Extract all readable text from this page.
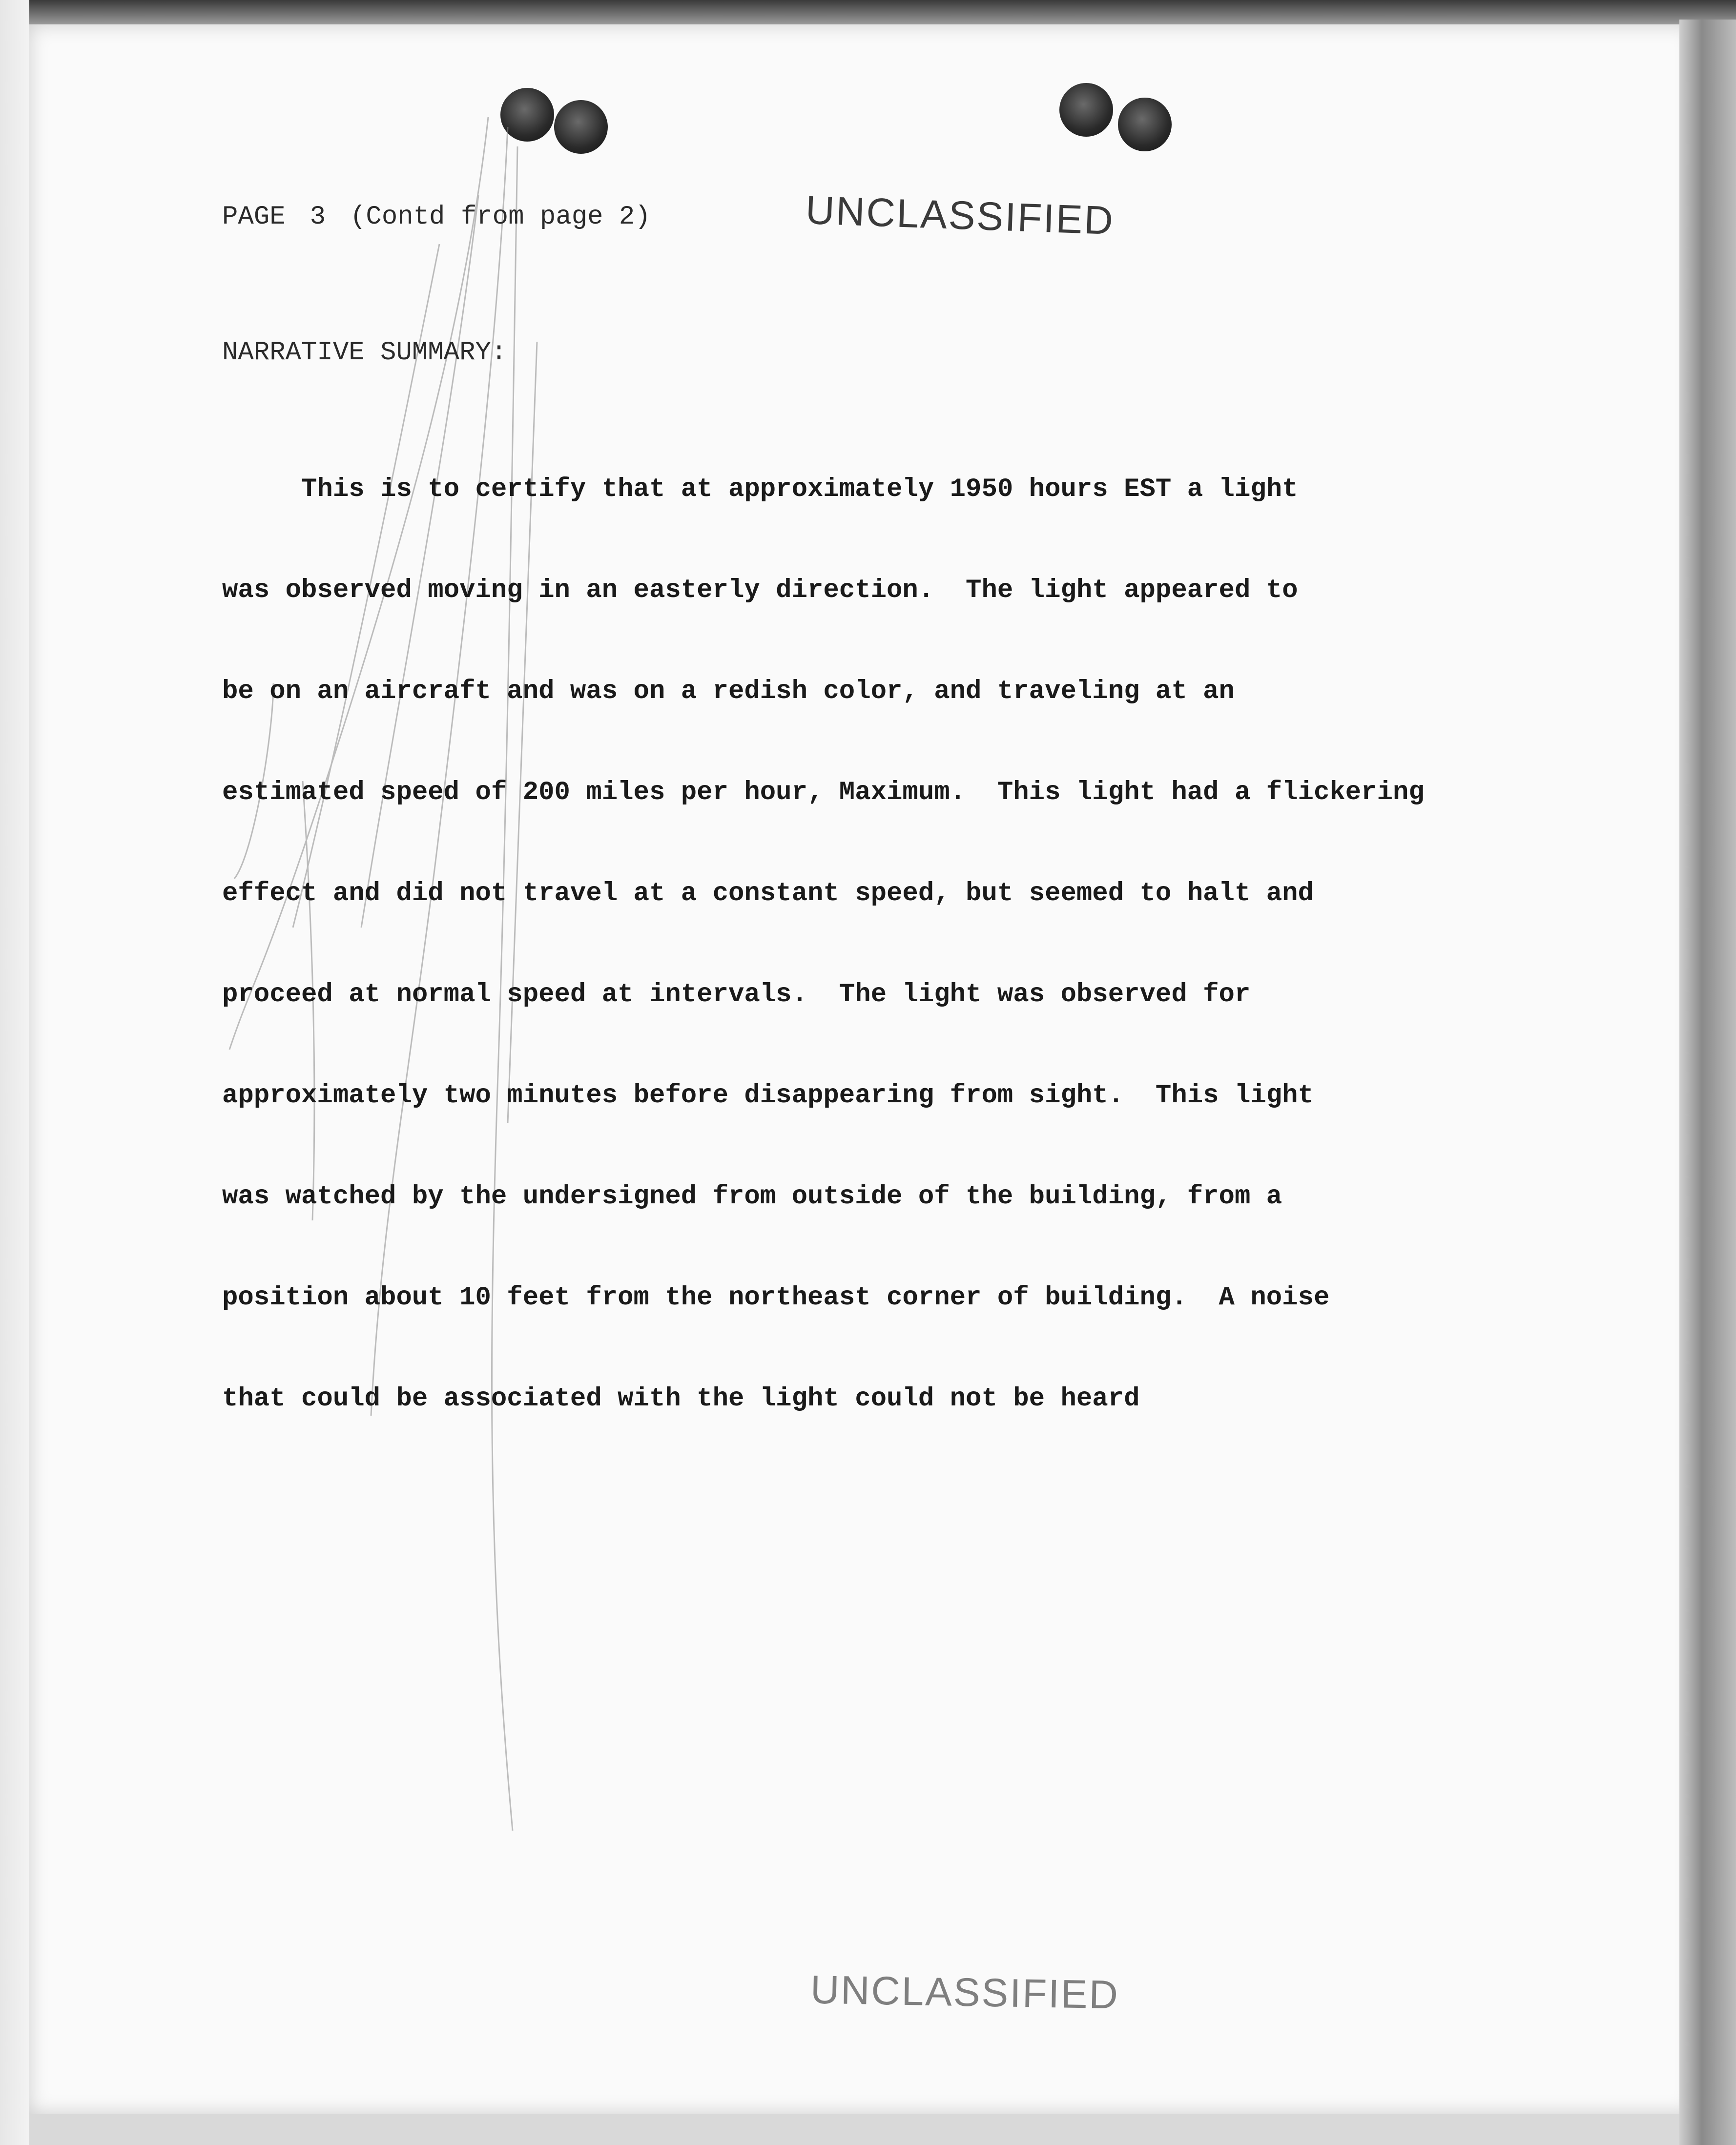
PAGE 3 (Contd from page 2)	UNCLASSIFIED
NARRATIVE SUMMARY:

This is to certify that at approximately 1950 hours EST a light

was observed moving in an easterly direction.  The light appeared to

be on an aircraft and was on a redish color, and traveling at an

estimated speed of 200 miles per hour, Maximum.  This light had a flickering

effect and did not travel at a constant speed, but seemed to halt and

proceed at normal speed at intervals.  The light was observed for

approximately two minutes before disappearing from sight.  This light

was watched by the undersigned from outside of the building, from a

position about 10 feet from the northeast corner of building.  A noise

that could be associated with the light could not be heard

UNCLASSIFIED
